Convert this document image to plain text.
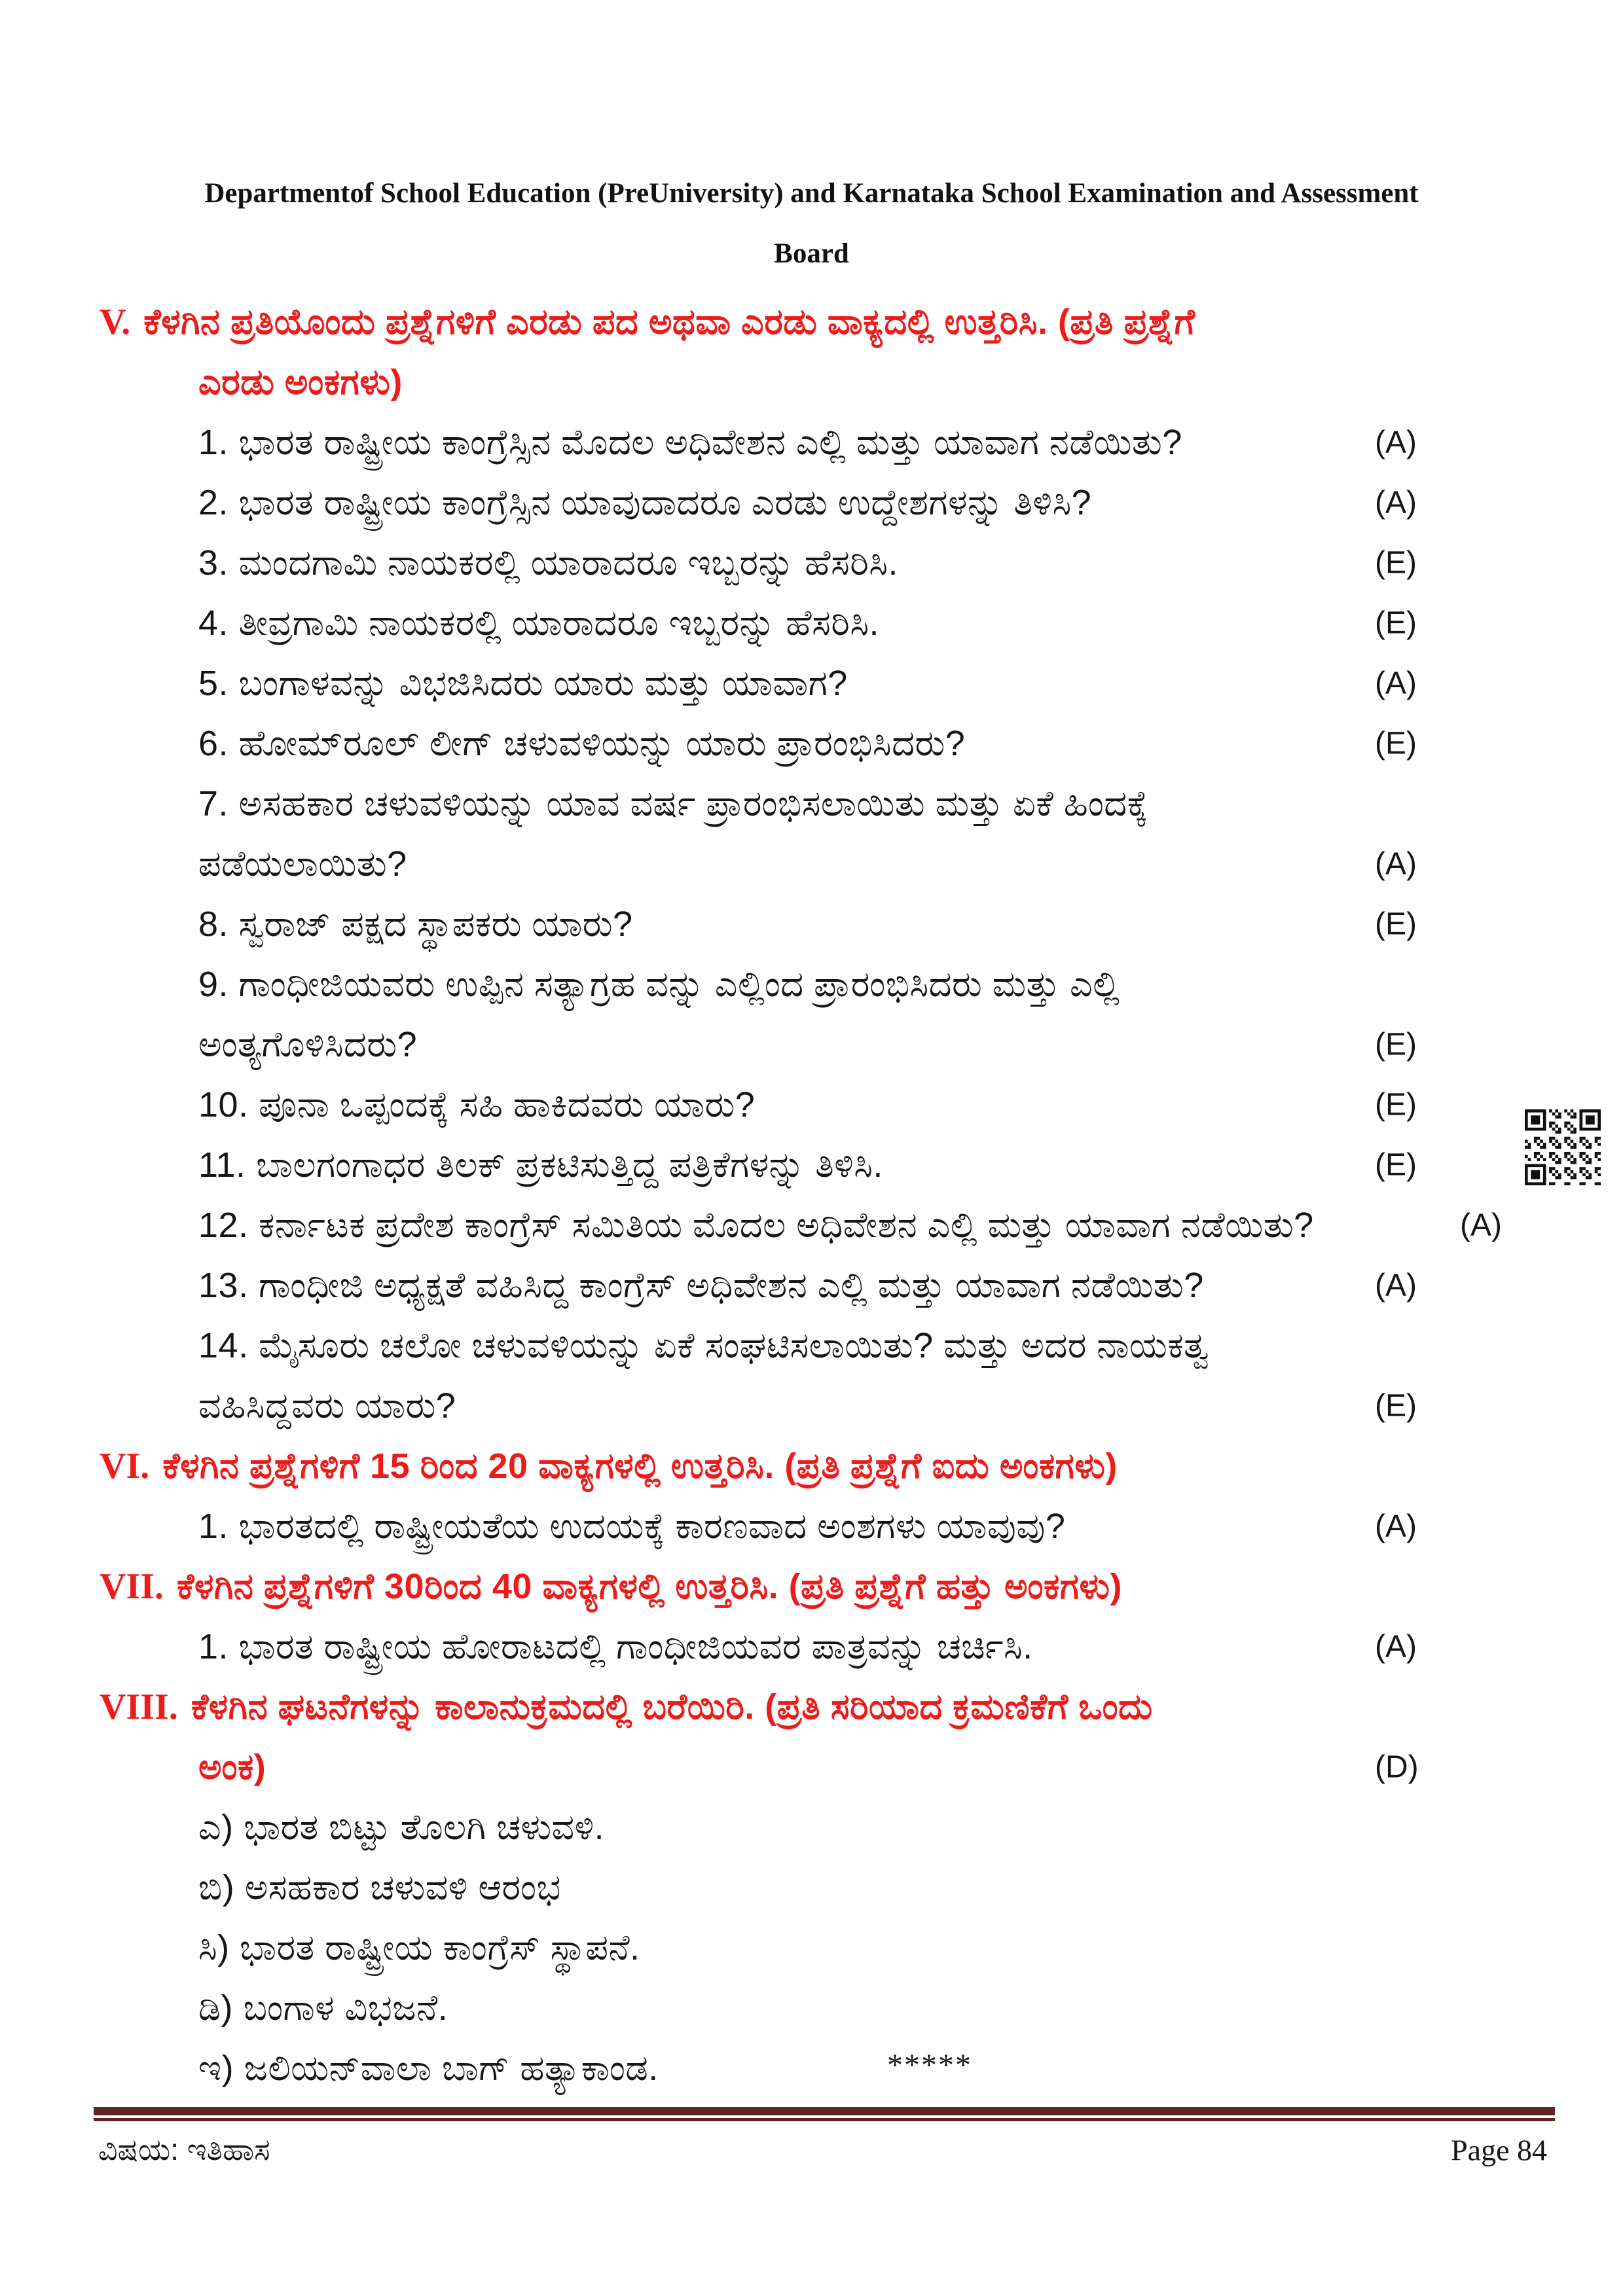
Departmentof School Education (PreUniversity) and Karnataka School Examination and Assessment
Board
V. ಕೆಳಗಿನ ಪ್ರತಿಯೊಂದು ಪ್ರಶ್ನೆಗಳಿಗೆ ಎರಡು ಪದ ಅಥವಾ ಎರಡು ವಾಕ್ಯದಲ್ಲಿ ಉತ್ತರಿಸಿ. (ಪ್ರತಿ ಪ್ರಶ್ನೆಗೆ
ಎರಡು ಅಂಕಗಳು)
1. ಭಾರತ ರಾಷ್ಟ್ರೀಯ ಕಾಂಗ್ರೆಸ್ಸಿನ ಮೊದಲ ಅಧಿವೇಶನ ಎಲ್ಲಿ ಮತ್ತು ಯಾವಾಗ ನಡೆಯಿತು?	(A)
2. ಭಾರತ ರಾಷ್ಟ್ರೀಯ ಕಾಂಗ್ರೆಸ್ಸಿನ ಯಾವುದಾದರೂ ಎರಡು ಉದ್ದೇಶಗಳನ್ನು ತಿಳಿಸಿ?	(A)
3. ಮಂದಗಾಮಿ ನಾಯಕರಲ್ಲಿ ಯಾರಾದರೂ ಇಬ್ಬರನ್ನು ಹೆಸರಿಸಿ.	(E)
4. ತೀವ್ರಗಾಮಿ ನಾಯಕರಲ್ಲಿ ಯಾರಾದರೂ ಇಬ್ಬರನ್ನು ಹೆಸರಿಸಿ.	(E)
5. ಬಂಗಾಳವನ್ನು ವಿಭಜಿಸಿದರು ಯಾರು ಮತ್ತು ಯಾವಾಗ?	(A)
6. ಹೋಮ್‌ರೂಲ್ ಲೀಗ್ ಚಳುವಳಿಯನ್ನು ಯಾರು ಪ್ರಾರಂಭಿಸಿದರು?	(E)
7. ಅಸಹಕಾರ ಚಳುವಳಿಯನ್ನು ಯಾವ ವರ್ಷ ಪ್ರಾರಂಭಿಸಲಾಯಿತು ಮತ್ತು ಏಕೆ ಹಿಂದಕ್ಕೆ
ಪಡೆಯಲಾಯಿತು?	(A)
8. ಸ್ವರಾಜ್ ಪಕ್ಷದ ಸ್ಥಾಪಕರು ಯಾರು?	(E)
9. ಗಾಂಧೀಜಿಯವರು ಉಪ್ಪಿನ ಸತ್ಯಾಗ್ರಹ ವನ್ನು ಎಲ್ಲಿಂದ ಪ್ರಾರಂಭಿಸಿದರು ಮತ್ತು ಎಲ್ಲಿ
ಅಂತ್ಯಗೊಳಿಸಿದರು?	(E)
10. ಪೂನಾ ಒಪ್ಪಂದಕ್ಕೆ ಸಹಿ ಹಾಕಿದವರು ಯಾರು?	(E)
11. ಬಾಲಗಂಗಾಧರ ತಿಲಕ್ ಪ್ರಕಟಿಸುತ್ತಿದ್ದ ಪತ್ರಿಕೆಗಳನ್ನು ತಿಳಿಸಿ.	(E)
12. ಕರ್ನಾಟಕ ಪ್ರದೇಶ ಕಾಂಗ್ರೆಸ್ ಸಮಿತಿಯ ಮೊದಲ ಅಧಿವೇಶನ ಎಲ್ಲಿ ಮತ್ತು ಯಾವಾಗ ನಡೆಯಿತು?	(A)
13. ಗಾಂಧೀಜಿ ಅಧ್ಯಕ್ಷತೆ ವಹಿಸಿದ್ದ ಕಾಂಗ್ರೆಸ್ ಅಧಿವೇಶನ ಎಲ್ಲಿ ಮತ್ತು ಯಾವಾಗ ನಡೆಯಿತು?	(A)
14. ಮೈಸೂರು ಚಲೋ ಚಳುವಳಿಯನ್ನು ಏಕೆ ಸಂಘಟಿಸಲಾಯಿತು? ಮತ್ತು ಅದರ ನಾಯಕತ್ವ
ವಹಿಸಿದ್ದವರು ಯಾರು?	(E)
VI. ಕೆಳಗಿನ ಪ್ರಶ್ನೆಗಳಿಗೆ 15 ರಿಂದ 20 ವಾಕ್ಯಗಳಲ್ಲಿ ಉತ್ತರಿಸಿ. (ಪ್ರತಿ ಪ್ರಶ್ನೆಗೆ ಐದು ಅಂಕಗಳು)
1. ಭಾರತದಲ್ಲಿ ರಾಷ್ಟ್ರೀಯತೆಯ ಉದಯಕ್ಕೆ ಕಾರಣವಾದ ಅಂಶಗಳು ಯಾವುವು?	(A)
VII. ಕೆಳಗಿನ ಪ್ರಶ್ನೆಗಳಿಗೆ 30ರಿಂದ 40 ವಾಕ್ಯಗಳಲ್ಲಿ ಉತ್ತರಿಸಿ. (ಪ್ರತಿ ಪ್ರಶ್ನೆಗೆ ಹತ್ತು ಅಂಕಗಳು)
1. ಭಾರತ ರಾಷ್ಟ್ರೀಯ ಹೋರಾಟದಲ್ಲಿ ಗಾಂಧೀಜಿಯವರ ಪಾತ್ರವನ್ನು ಚರ್ಚಿಸಿ.	(A)
VIII. ಕೆಳಗಿನ ಘಟನೆಗಳನ್ನು ಕಾಲಾನುಕ್ರಮದಲ್ಲಿ ಬರೆಯಿರಿ. (ಪ್ರತಿ ಸರಿಯಾದ ಕ್ರಮಣಿಕೆಗೆ ಒಂದು
ಅಂಕ)	(D)
ಎ) ಭಾರತ ಬಿಟ್ಟು ತೊಲಗಿ ಚಳುವಳಿ.
ಬಿ) ಅಸಹಕಾರ ಚಳುವಳಿ ಆರಂಭ
ಸಿ) ಭಾರತ ರಾಷ್ಟ್ರೀಯ ಕಾಂಗ್ರೆಸ್ ಸ್ಥಾಪನೆ.
ಡಿ) ಬಂಗಾಳ ವಿಭಜನೆ.
ಇ) ಜಲಿಯನ್‌ವಾಲಾ ಬಾಗ್ ಹತ್ಯಾಕಾಂಡ.	*****
ವಿಷಯ: ಇತಿಹಾಸ	Page 84
